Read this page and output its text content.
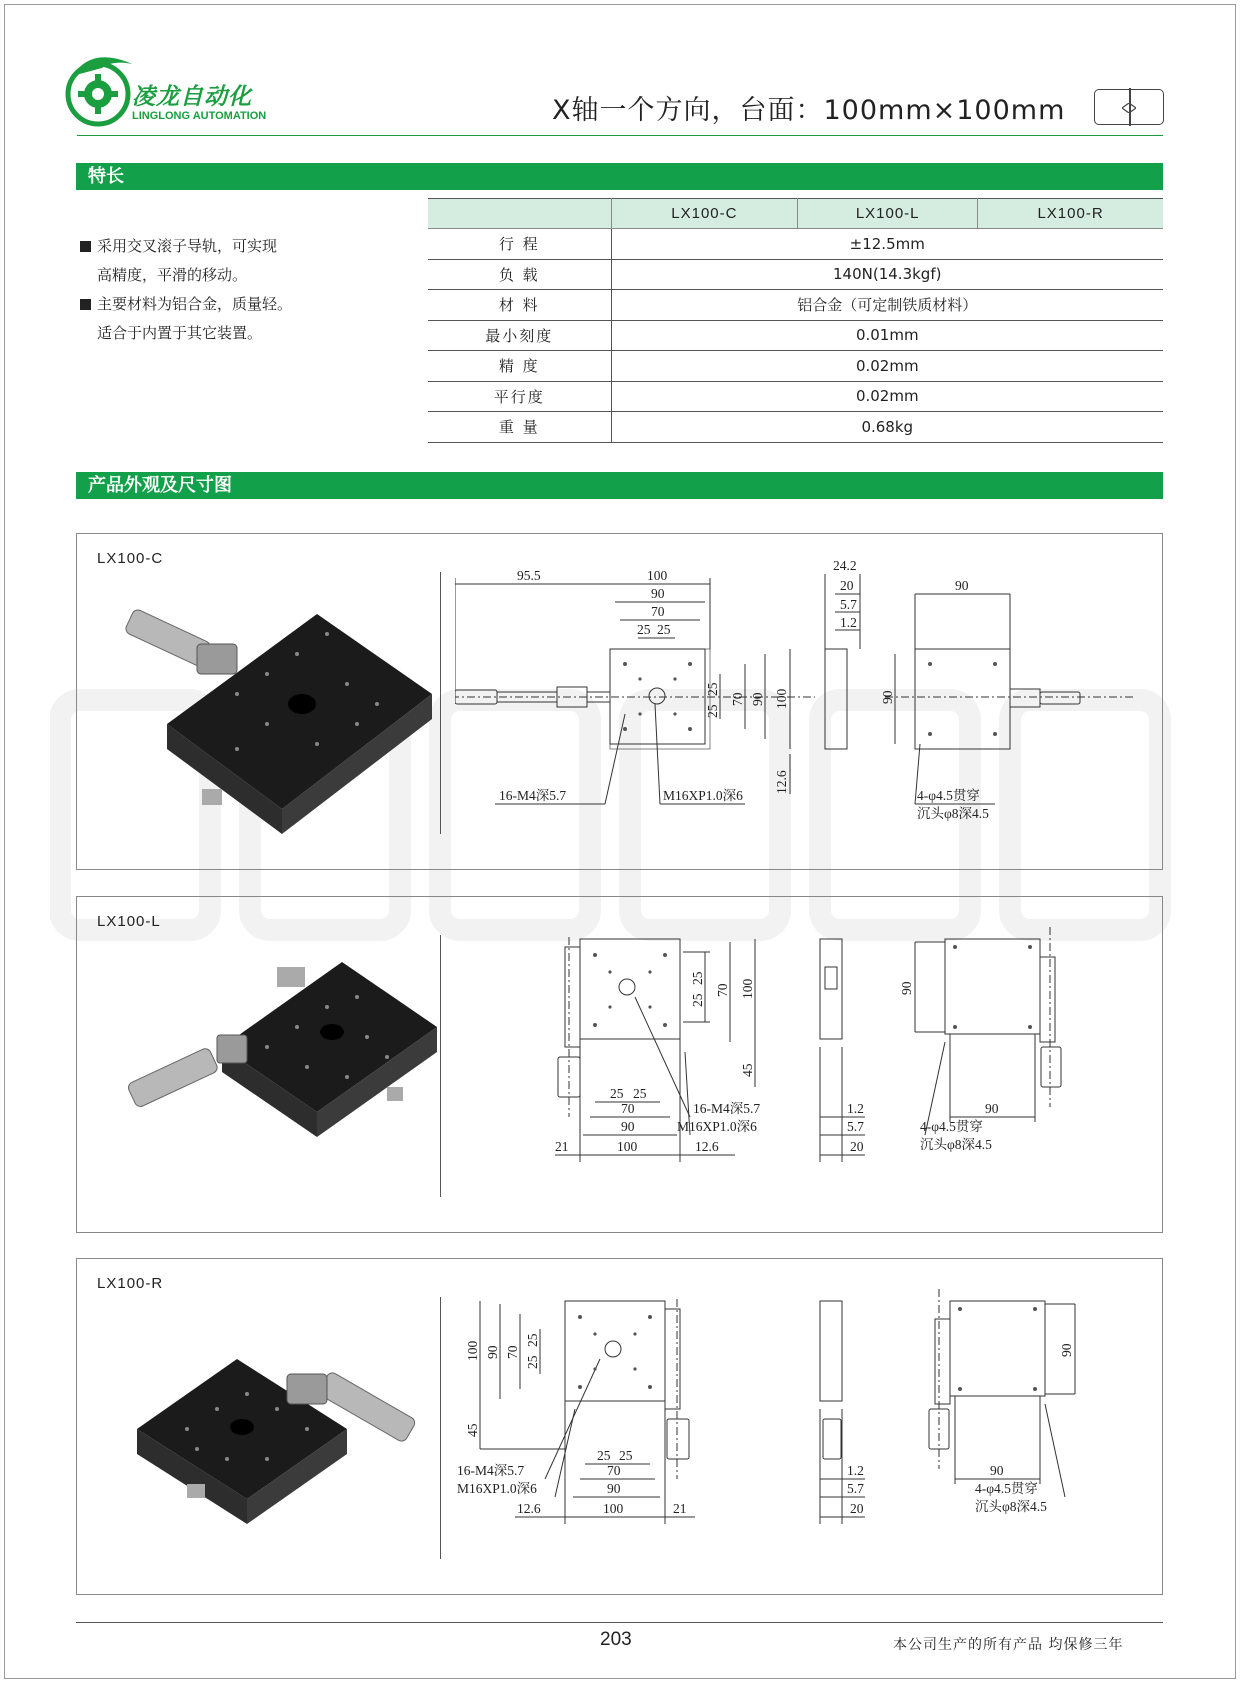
凌龙自动化
LINGLONG AUTOMATION	X轴一个方向，台面：100mm×100mm
特长
采用交叉滚子导轨，可实现
高精度，平滑的移动。
主要材料为铝合金，质量轻。
适合于内置于其它装置。
	LX100-C	LX100-L	LX100-R
行 程	±12.5mm		
负 载	140N(14.3kgf)		
材 料	铝合金（可定制铁质材料）		
最小刻度	0.01mm		
精 度	0.02mm		
平行度	0.02mm		
重 量	0.68kg		
产品外观及尺寸图
LX100-C
95.5	100
90
70
25 25
25
25
70 90 100
12.6
24.2
20
5.7
1.2
90
90
16-M4深5.7	M16XP1.0深6	4-φ4.5贯穿
沉头φ8深4.5
LX100-L
25
25
70 100
45
25 25
70
90
21	100	12.6
1.2
5.7
20
90
90
16-M4深5.7
M16XP1.0深6	4-φ4.5贯穿
沉头φ8深4.5
LX100-R
100 90 70
25
25
45
25 25
70
90
12.6	100	21
1.2
5.7
20
90
90
16-M4深5.7
M16XP1.0深6	4-φ4.5贯穿
沉头φ8深4.5
203	本公司生产的所有产品 均保修三年
